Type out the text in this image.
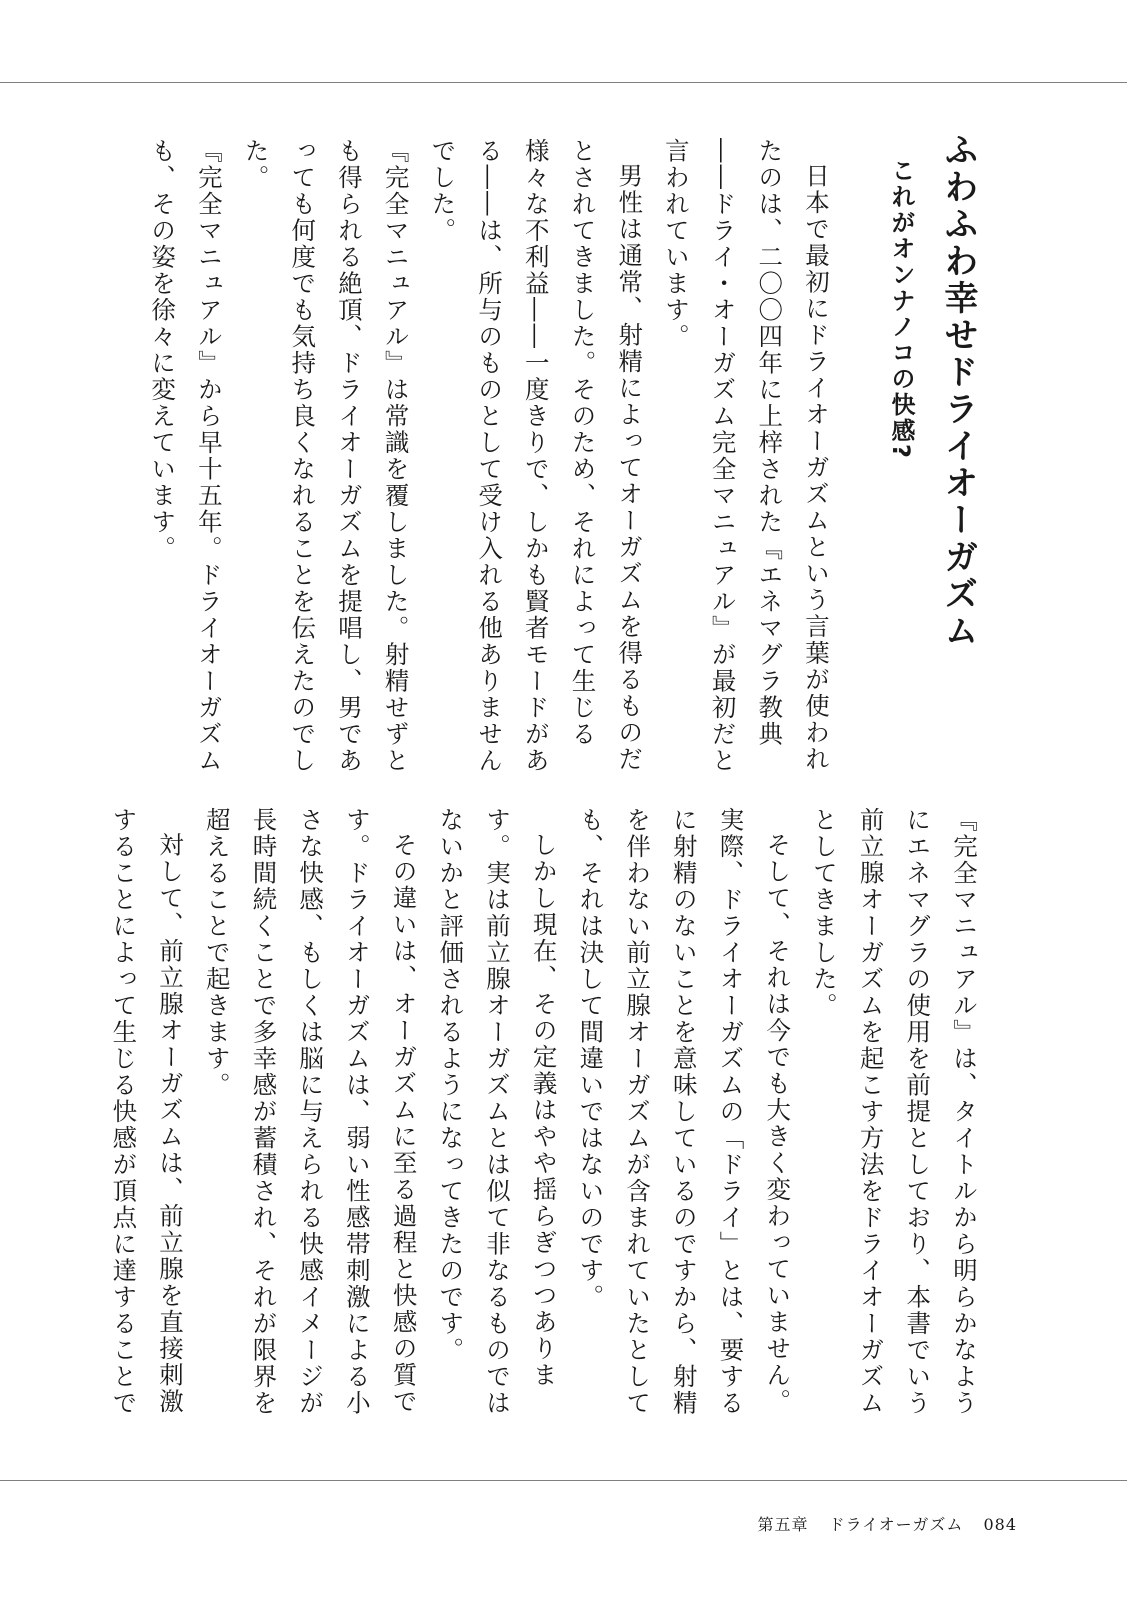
ふわふわ幸せドライオーガズム
これがオンナノコの快感?

日本で最初にドライオーガズムという言葉が使われたのは、二〇〇四年に上梓された『エネマグラ教典――ドライ・オーガズム完全マニュアル』が最初だと言われています。

男性は通常、射精によってオーガズムを得るものだとされてきました。そのため、それによって生じる様々な不利益――一度きりで、しかも賢者モードがある――は、所与のものとして受け入れる他ありませんでした。

『完全マニュアル』は常識を覆しました。射精せずとも得られる絶頂、ドライオーガズムを提唱し、男であっても何度でも気持ち良くなれることを伝えたのでした。

『完全マニュアル』から早十五年。ドライオーガズムも、その姿を徐々に変えています。

『完全マニュアル』は、タイトルから明らかなようにエネマグラの使用を前提としており、本書でいう前立腺オーガズムを起こす方法をドライオーガズムとしてきました。

そして、それは今でも大きく変わっていません。実際、ドライオーガズムの「ドライ」とは、要するに射精のないことを意味しているのですから、射精を伴わない前立腺オーガズムが含まれていたとしても、それは決して間違いではないのです。

しかし現在、その定義はやや揺らぎつつあります。実は前立腺オーガズムとは似て非なるものではないかと評価されるようになってきたのです。

その違いは、オーガズムに至る過程と快感の質です。ドライオーガズムは、弱い性感帯刺激による小さな快感、もしくは脳に与えられる快感イメージが長時間続くことで多幸感が蓄積され、それが限界を超えることで起きます。

対して、前立腺オーガズムは、前立腺を直接刺激することによって生じる快感が頂点に達することで

第五章 ドライオーガズム 084
